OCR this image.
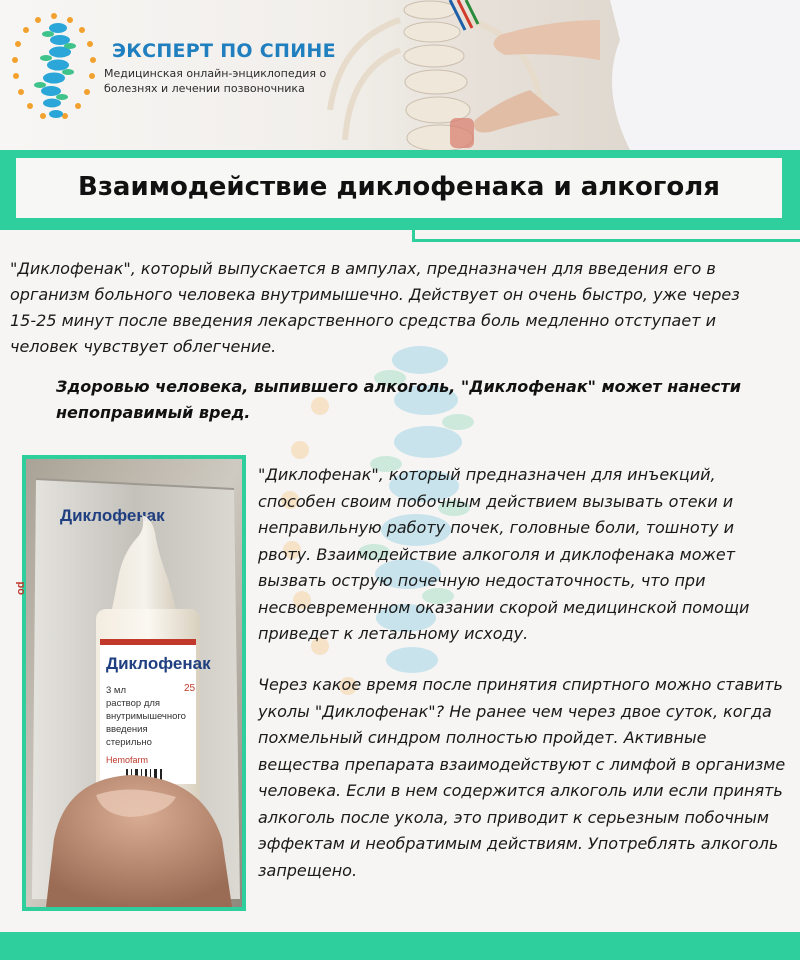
ЭКСПЕРТ ПО СПИНЕ
Медицинская онлайн-энциклопедия о болезнях и лечении позвоночника
Взаимодействие диклофенака и алкоголя

"Диклофенак", который выпускается в ампулах, предназначен для введения его в организм больного человека внутримышечно. Действует он очень быстро, уже через 15-25 минут после введения лекарственного средства боль медленно отступает и человек чувствует облегчение.

Здоровью человека, выпившего алкоголь, "Диклофенак" может нанести непоправимый вред.

Диклофенак
od
Диклофенак
25
3 мл
раствор для
внутримышечного
введения
стерильно
Hemofarm

"Диклофенак", который предназначен для инъекций, способен своим побочным действием вызывать отеки и неправильную работу почек, головные боли, тошноту и рвоту. Взаимодействие алкоголя и диклофенака может вызвать острую почечную недостаточность, что при несвоевременном оказании скорой медицинской помощи приведет к летальному исходу.

Через какое время после принятия спиртного можно ставить уколы "Диклофенак"? Не ранее чем через двое суток, когда похмельный синдром полностью пройдет. Активные вещества препарата взаимодействуют с лимфой в организме человека. Если в нем содержится алкоголь или если принять алкоголь после укола, это приводит к серьезным побочным эффектам и необратимым действиям. Употреблять алкоголь запрещено.
